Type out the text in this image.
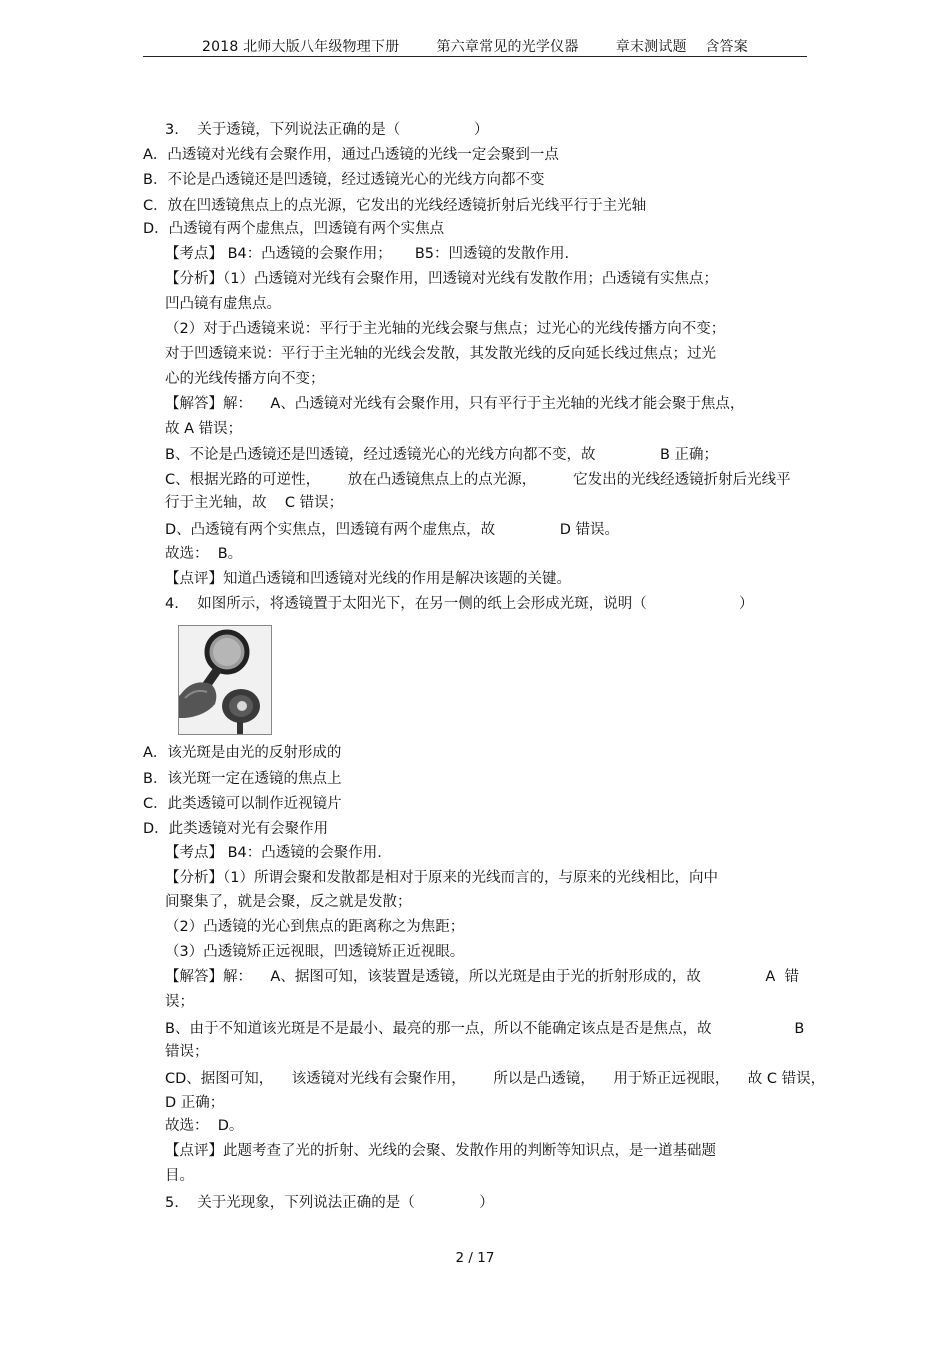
2018 北师大版八年级物理下册        第六章常见的光学仪器        章末测试题    含答案
3.    关于透镜，下列说法正确的是（                ）
A．凸透镜对光线有会聚作用，通过凸透镜的光线一定会聚到一点
B．不论是凸透镜还是凹透镜，经过透镜光心的光线方向都不变
C．放在凹透镜焦点上的点光源，它发出的光线经透镜折射后光线平行于主光轴
D．凸透镜有两个虚焦点，凹透镜有两个实焦点
【考点】 B4：凸透镜的会聚作用；     B5：凹透镜的发散作用.
【分析】（1）凸透镜对光线有会聚作用，凹透镜对光线有发散作用；凸透镜有实焦点；
凹凸镜有虚焦点。
（2）对于凸透镜来说：平行于主光轴的光线会聚与焦点；过光心的光线传播方向不变；
对于凹透镜来说：平行于主光轴的光线会发散，其发散光线的反向延长线过焦点；过光
心的光线传播方向不变；
【解答】解：    A、凸透镜对光线有会聚作用，只有平行于主光轴的光线才能会聚于焦点，
故 A 错误；
B、不论是凸透镜还是凹透镜，经过透镜光心的光线方向都不变，故              B 正确；
C、根据光路的可逆性，      放在凸透镜焦点上的点光源，        它发出的光线经透镜折射后光线平
行于主光轴，故    C 错误；
D、凸透镜有两个实焦点，凹透镜有两个虚焦点，故              D 错误。
故选：  B。
【点评】知道凸透镜和凹透镜对光线的作用是解决该题的关键。
4.    如图所示，将透镜置于太阳光下，在另一侧的纸上会形成光斑，说明（                    ）
A．该光斑是由光的反射形成的
B．该光斑一定在透镜的焦点上
C．此类透镜可以制作近视镜片
D．此类透镜对光有会聚作用
【考点】 B4：凸透镜的会聚作用.
【分析】（1）所谓会聚和发散都是相对于原来的光线而言的，与原来的光线相比，向中
间聚集了，就是会聚，反之就是发散；
（2）凸透镜的光心到焦点的距离称之为焦距；
（3）凸透镜矫正远视眼，凹透镜矫正近视眼。
【解答】解：    A、据图可知，该装置是透镜，所以光斑是由于光的折射形成的，故              A  错
误；
B、由于不知道该光斑是不是最小、最亮的那一点，所以不能确定该点是否是焦点，故                  B
错误；
CD、据图可知，    该透镜对光线有会聚作用，      所以是凸透镜，    用于矫正远视眼，    故 C 错误，
D 正确；
故选：  D。
【点评】此题考查了光的折射、光线的会聚、发散作用的判断等知识点，是一道基础题
目。
5.    关于光现象，下列说法正确的是（              ）
2 / 17
